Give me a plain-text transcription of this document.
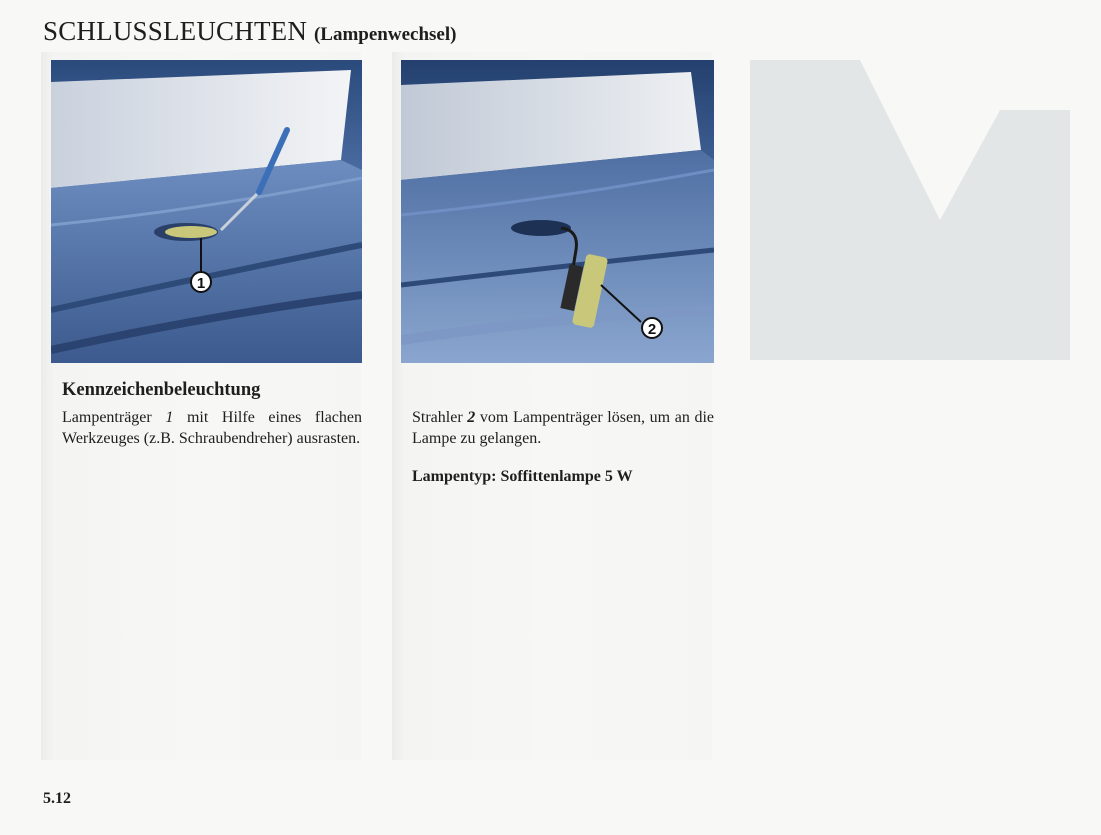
SCHLUSSLEUCHTEN (Lampenwechsel)
1
Kennzeichenbeleuchtung

Lampenträger 1 mit Hilfe eines flachen Werkzeuges (z.B. Schraubendreher) ausrasten.

2

Strahler 2 vom Lampenträger lösen, um an die Lampe zu gelangen.

Lampentyp: Soffittenlampe 5 W

5.12
